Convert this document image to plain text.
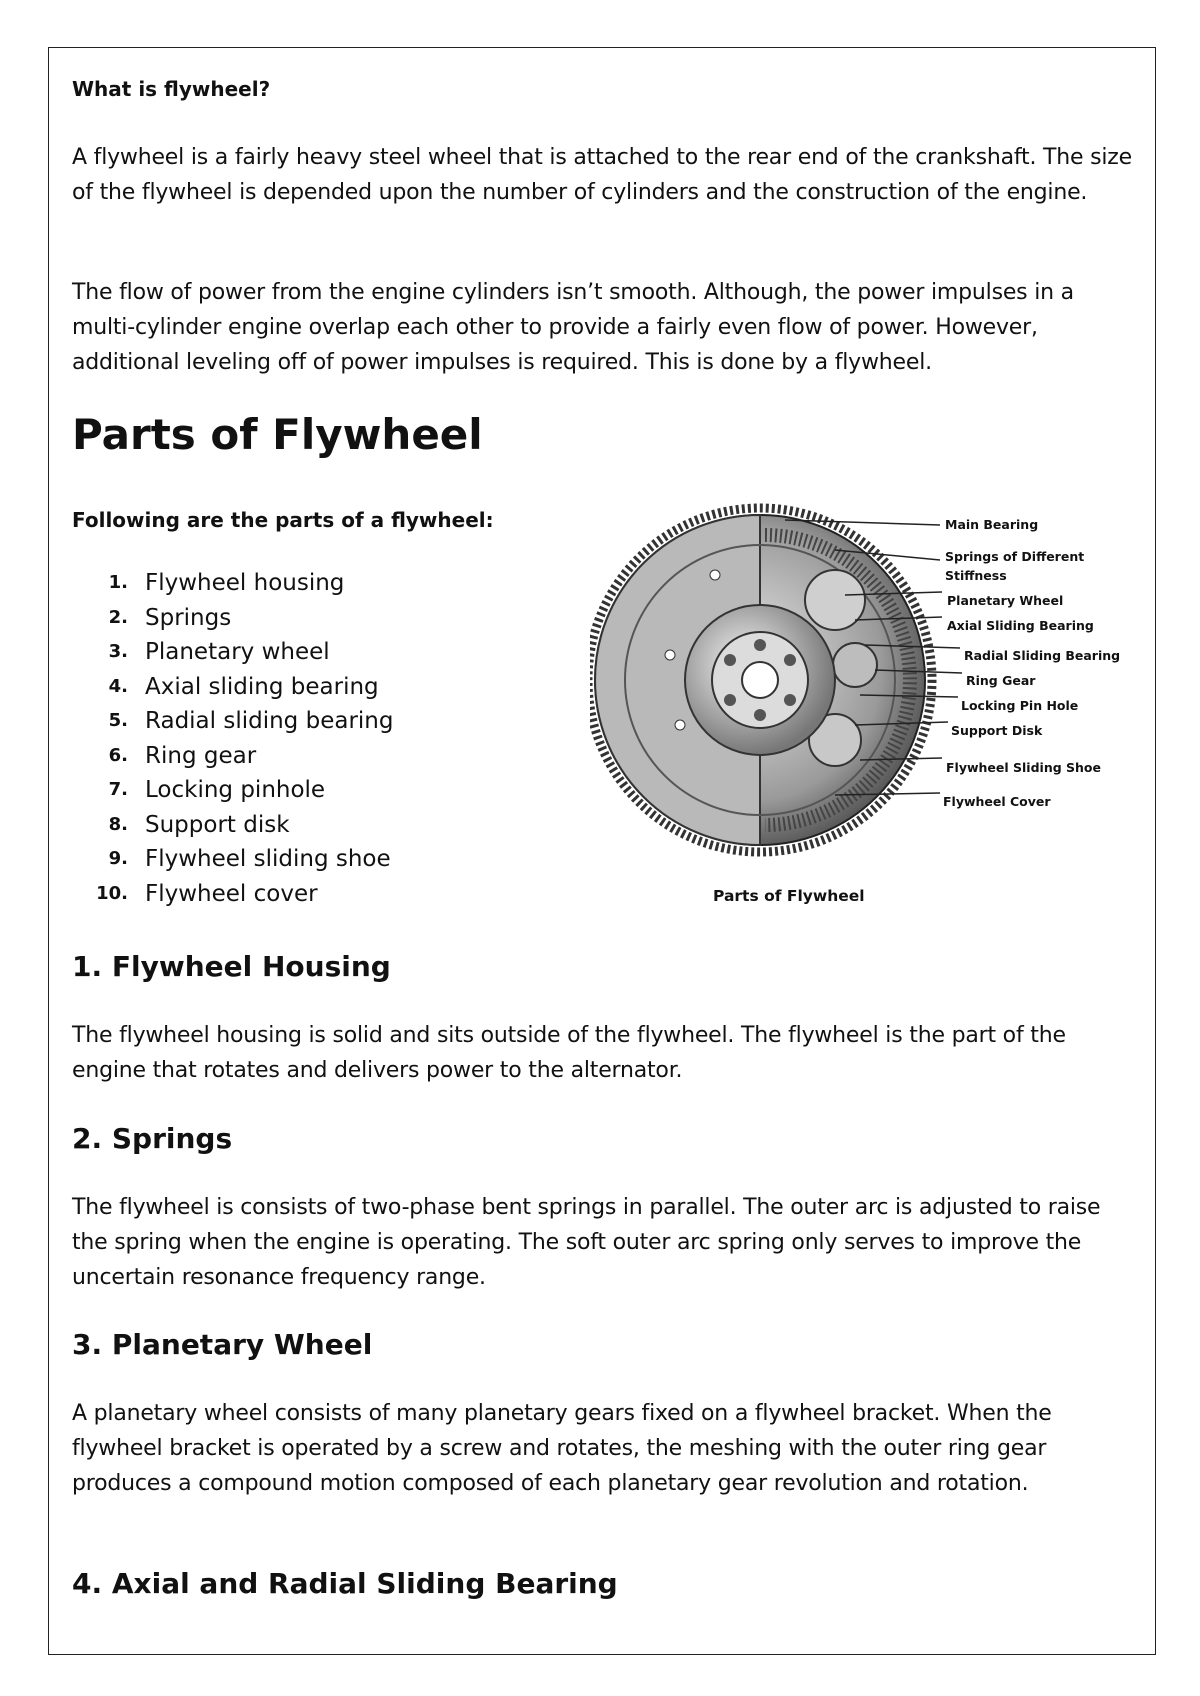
What is flywheel?

A flywheel is a fairly heavy steel wheel that is attached to the rear end of the crankshaft. The size of the flywheel is depended upon the number of cylinders and the construction of the engine.

The flow of power from the engine cylinders isn’t smooth. Although, the power impulses in a multi-cylinder engine overlap each other to provide a fairly even flow of power. However, additional leveling off of power impulses is required. This is done by a flywheel.

Parts of Flywheel

Following are the parts of a flywheel:

1. Flywheel housing
2. Springs
3. Planetary wheel
4. Axial sliding bearing
5. Radial sliding bearing
6. Ring gear
7. Locking pinhole
8. Support disk
9. Flywheel sliding shoe
10. Flywheel cover
1. Flywheel Housing

The flywheel housing is solid and sits outside of the flywheel. The flywheel is the part of the engine that rotates and delivers power to the alternator.

2. Springs

The flywheel is consists of two-phase bent springs in parallel. The outer arc is adjusted to raise the spring when the engine is operating. The soft outer arc spring only serves to improve the uncertain resonance frequency range.

3. Planetary Wheel

A planetary wheel consists of many planetary gears fixed on a flywheel bracket. When the flywheel bracket is operated by a screw and rotates, the meshing with the outer ring gear produces a compound motion composed of each planetary gear revolution and rotation.

4. Axial and Radial Sliding Bearing
Main Bearing
Springs of Different
Stiffness
Planetary Wheel
Axial Sliding Bearing
Radial Sliding Bearing
Ring Gear
Locking Pin Hole
Support Disk
Flywheel Sliding Shoe
Flywheel Cover
Parts of Flywheel
